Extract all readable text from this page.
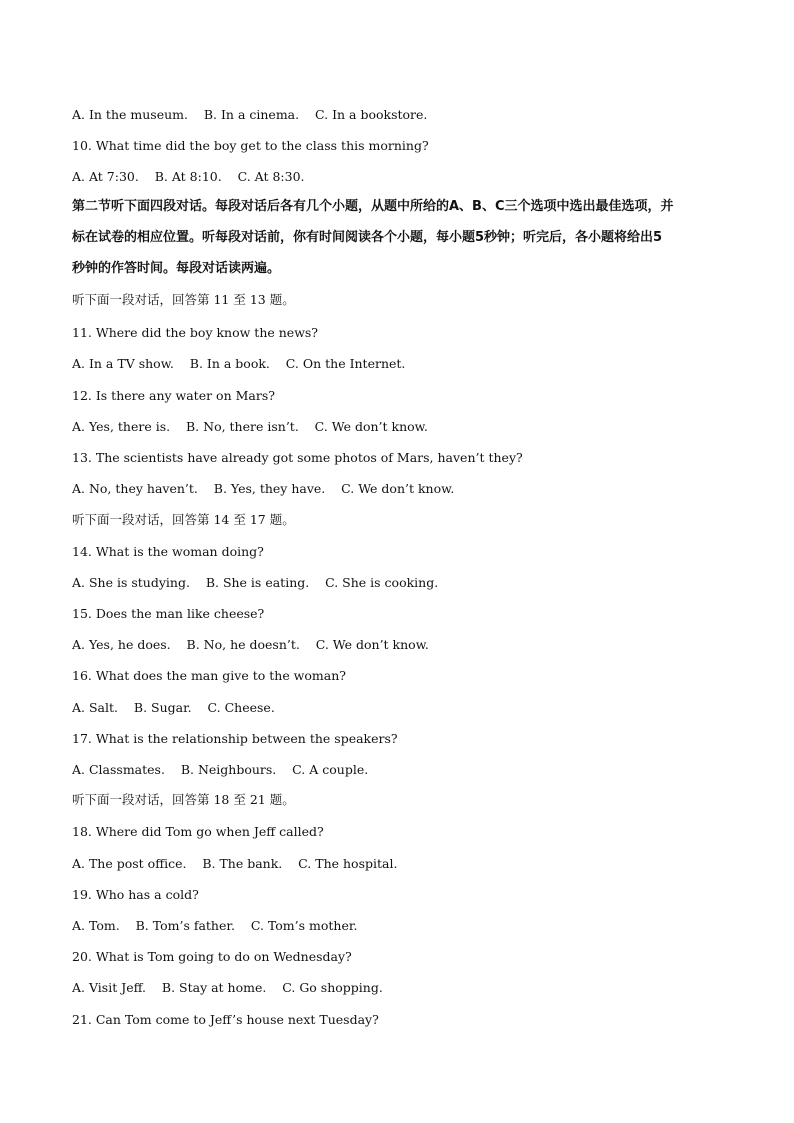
A. In the museum.    B. In a cinema.    C. In a bookstore.
10. What time did the boy get to the class this morning?
A. At 7:30.    B. At 8:10.    C. At 8:30.
第二节听下面四段对话。每段对话后各有几个小题，从题中所给的A、B、C三个选项中选出最佳选项，并
标在试卷的相应位置。听每段对话前，你有时间阅读各个小题，每小题5秒钟；听完后，各小题将给出5
秒钟的作答时间。每段对话读两遍。
听下面一段对话，回答第 11 至 13 题。
11. Where did the boy know the news?
A. In a TV show.    B. In a book.    C. On the Internet.
12. Is there any water on Mars?
A. Yes, there is.    B. No, there isn’t.    C. We don’t know.
13. The scientists have already got some photos of Mars, haven’t they?
A. No, they haven’t.    B. Yes, they have.    C. We don’t know.
听下面一段对话，回答第 14 至 17 题。
14. What is the woman doing?
A. She is studying.    B. She is eating.    C. She is cooking.
15. Does the man like cheese?
A. Yes, he does.    B. No, he doesn’t.    C. We don’t know.
16. What does the man give to the woman?
A. Salt.    B. Sugar.    C. Cheese.
17. What is the relationship between the speakers?
A. Classmates.    B. Neighbours.    C. A couple.
听下面一段对话，回答第 18 至 21 题。
18. Where did Tom go when Jeff called?
A. The post office.    B. The bank.    C. The hospital.
19. Who has a cold?
A. Tom.    B. Tom’s father.    C. Tom’s mother.
20. What is Tom going to do on Wednesday?
A. Visit Jeff.    B. Stay at home.    C. Go shopping.
21. Can Tom come to Jeff’s house next Tuesday?
